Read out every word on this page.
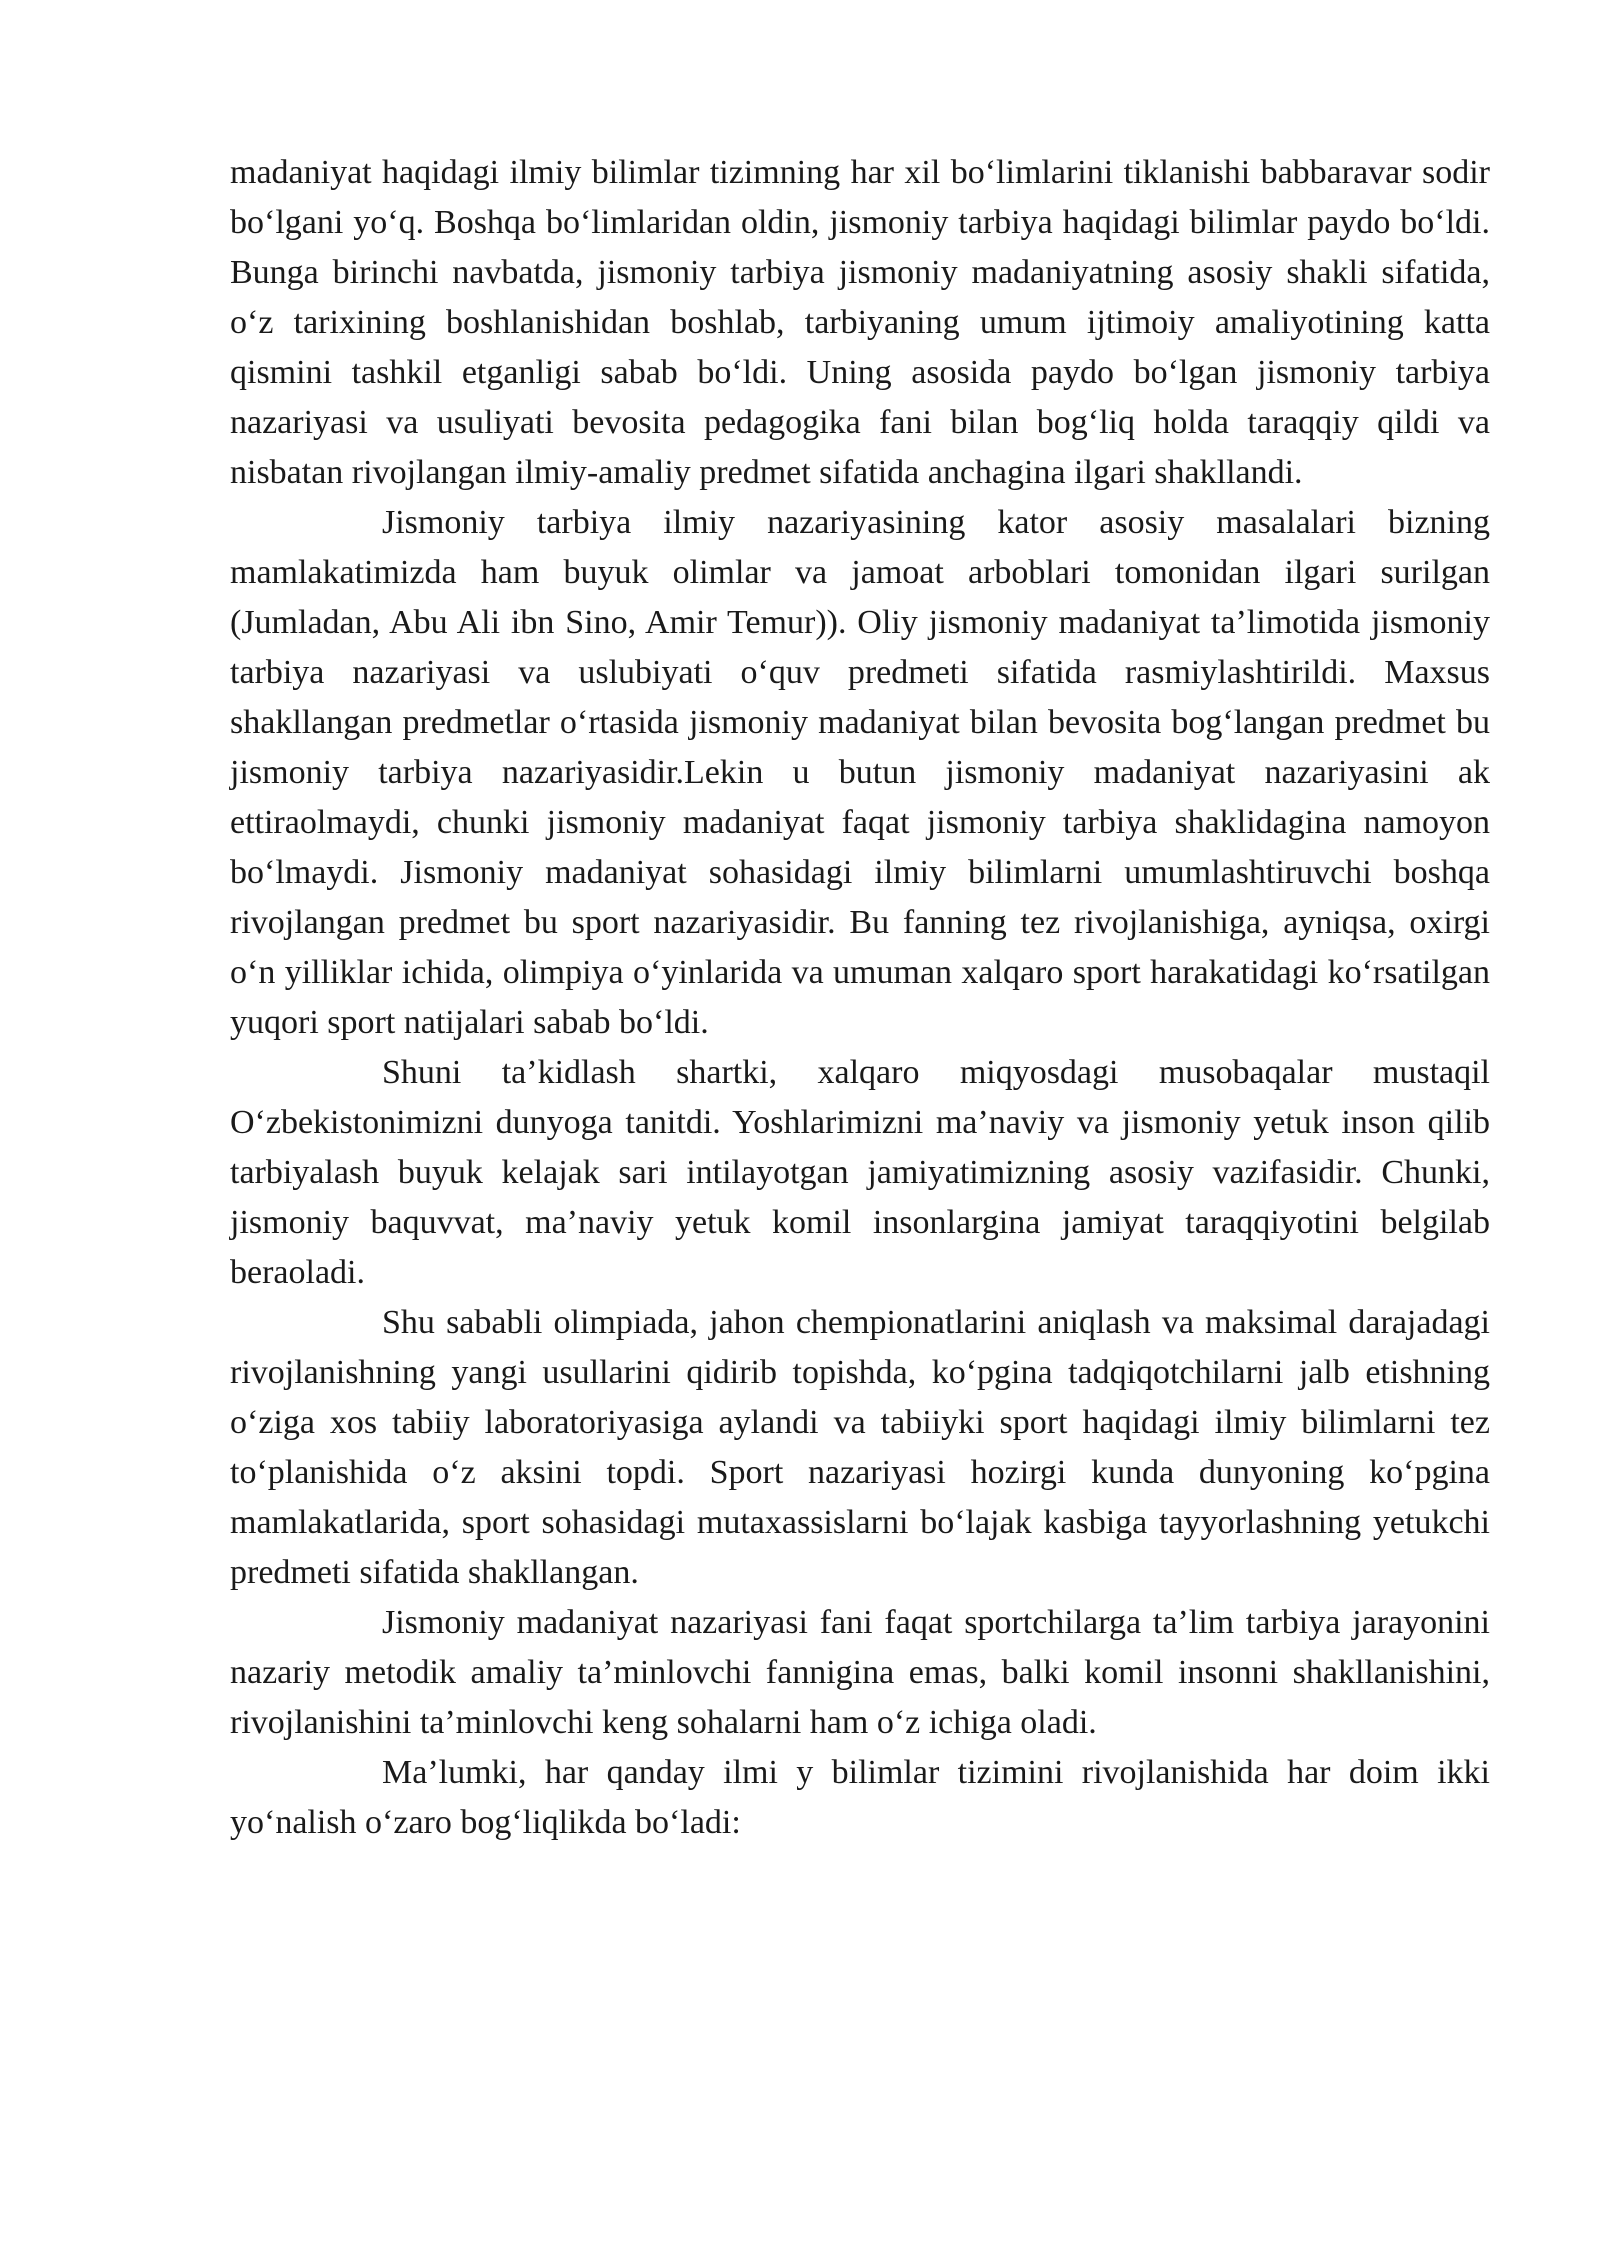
madaniyat haqidagi ilmiy bilimlar tizimning har xil bo‘limlarini tiklanishi babbaravar sodir bo‘lgani yo‘q. Boshqa bo‘limlaridan oldin, jismoniy tarbiya haqidagi bilimlar paydo bo‘ldi. Bunga birinchi navbatda, jismoniy tarbiya jismoniy madaniyatning asosiy shakli sifatida, o‘z tarixining boshlanishidan boshlab, tarbiyaning umum ijtimoiy amaliyotining katta qismini tashkil etganligi sabab bo‘ldi. Uning asosida paydo bo‘lgan jismoniy tarbiya nazariyasi va usuliyati bevosita pedagogika fani bilan bog‘liq holda taraqqiy qildi va nisbatan rivojlangan ilmiy-amaliy predmet sifatida anchagina ilgari shakllandi.

Jismoniy tarbiya ilmiy nazariyasining kator asosiy masalalari bizning mamlakatimizda ham buyuk olimlar va jamoat arboblari tomonidan ilgari surilgan (Jumladan, Abu Ali ibn Sino, Amir Temur)). Oliy jismoniy madaniyat ta’limotida jismoniy tarbiya nazariyasi va uslubiyati o‘quv predmeti sifatida rasmiylashtirildi. Maxsus shakllangan predmetlar o‘rtasida jismoniy madaniyat bilan bevosita bog‘langan predmet bu jismoniy tarbiya nazariyasidir.Lekin u butun jismoniy madaniyat nazariyasini ak ettiraolmaydi, chunki jismoniy madaniyat faqat jismoniy tarbiya shaklidagina namoyon bo‘lmaydi. Jismoniy madaniyat sohasidagi ilmiy bilimlarni umumlashtiruvchi boshqa rivojlangan predmet bu sport nazariyasidir. Bu fanning tez rivojlanishiga, ayniqsa, oxirgi o‘n yilliklar ichida, olimpiya o‘yinlarida va umuman xalqaro sport harakatidagi ko‘rsatilgan yuqori sport natijalari sabab bo‘ldi.

Shuni ta’kidlash shartki, xalqaro miqyosdagi musobaqalar mustaqil O‘zbekistonimizni dunyoga tanitdi. Yoshlarimizni ma’naviy va jismoniy yetuk inson qilib tarbiyalash buyuk kelajak sari intilayotgan jamiyatimizning asosiy vazifasidir. Chunki, jismoniy baquvvat, ma’naviy yetuk komil insonlargina jamiyat taraqqiyotini belgilab beraoladi.

Shu sababli olimpiada, jahon chempionatlarini aniqlash va maksimal darajadagi rivojlanishning yangi usullarini qidirib topishda, ko‘pgina tadqiqotchilarni jalb etishning o‘ziga xos tabiiy laboratoriyasiga aylandi va tabiiyki sport haqidagi ilmiy bilimlarni tez to‘planishida o‘z aksini topdi. Sport nazariyasi hozirgi kunda dunyoning ko‘pgina mamlakatlarida, sport sohasidagi mutaxassislarni bo‘lajak kasbiga tayyorlashning yetukchi predmeti sifatida shakllangan.

Jismoniy madaniyat nazariyasi fani faqat sportchilarga ta’lim tarbiya jarayonini nazariy metodik amaliy ta’minlovchi fannigina emas, balki komil insonni shakllanishini, rivojlanishini ta’minlovchi keng sohalarni ham o‘z ichiga oladi.

Ma’lumki, har qanday ilmi y bilimlar tizimini rivojlanishida har doim ikki yo‘nalish o‘zaro bog‘liqlikda bo‘ladi:
